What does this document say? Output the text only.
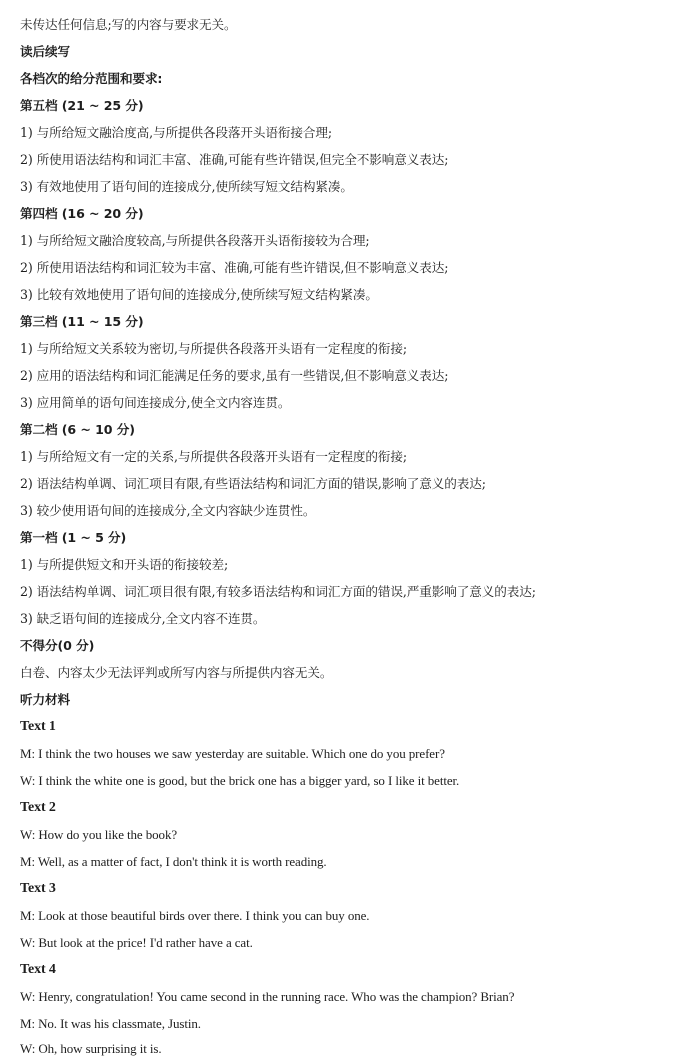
未传达任何信息;写的内容与要求无关。
读后续写
各档次的给分范围和要求:
第五档 (21 ~ 25 分)
1) 与所给短文融洽度高,与所提供各段落开头语衔接合理;
2) 所使用语法结构和词汇丰富、准确,可能有些许错误,但完全不影响意义表达;
3) 有效地使用了语句间的连接成分,使所续写短文结构紧凑。
第四档 (16 ~ 20 分)
1) 与所给短文融洽度较高,与所提供各段落开头语衔接较为合理;
2) 所使用语法结构和词汇较为丰富、准确,可能有些许错误,但不影响意义表达;
3) 比较有效地使用了语句间的连接成分,使所续写短文结构紧凑。
第三档 (11 ~ 15 分)
1) 与所给短文关系较为密切,与所提供各段落开头语有一定程度的衔接;
2) 应用的语法结构和词汇能满足任务的要求,虽有一些错误,但不影响意义表达;
3) 应用简单的语句间连接成分,使全文内容连贯。
第二档 (6 ~ 10 分)
1) 与所给短文有一定的关系,与所提供各段落开头语有一定程度的衔接;
2) 语法结构单调、词汇项目有限,有些语法结构和词汇方面的错误,影响了意义的表达;
3) 较少使用语句间的连接成分,全文内容缺少连贯性。
第一档 (1 ~ 5 分)
1) 与所提供短文和开头语的衔接较差;
2) 语法结构单调、词汇项目很有限,有较多语法结构和词汇方面的错误,严重影响了意义的表达;
3) 缺乏语句间的连接成分,全文内容不连贯。
不得分(0 分)
白卷、内容太少无法评判或所写内容与所提供内容无关。
听力材料
Text 1
M: I think the two houses we saw yesterday are suitable. Which one do you prefer?
W: I think the white one is good, but the brick one has a bigger yard, so I like it better.
Text 2
W: How do you like the book?
M: Well, as a matter of fact, I don't think it is worth reading.
Text 3
M: Look at those beautiful birds over there. I think you can buy one.
W: But look at the price! I'd rather have a cat.
Text 4
W: Henry, congratulation! You came second in the running race. Who was the champion? Brian?
M: No. It was his classmate, Justin.
W: Oh, how surprising it is.
